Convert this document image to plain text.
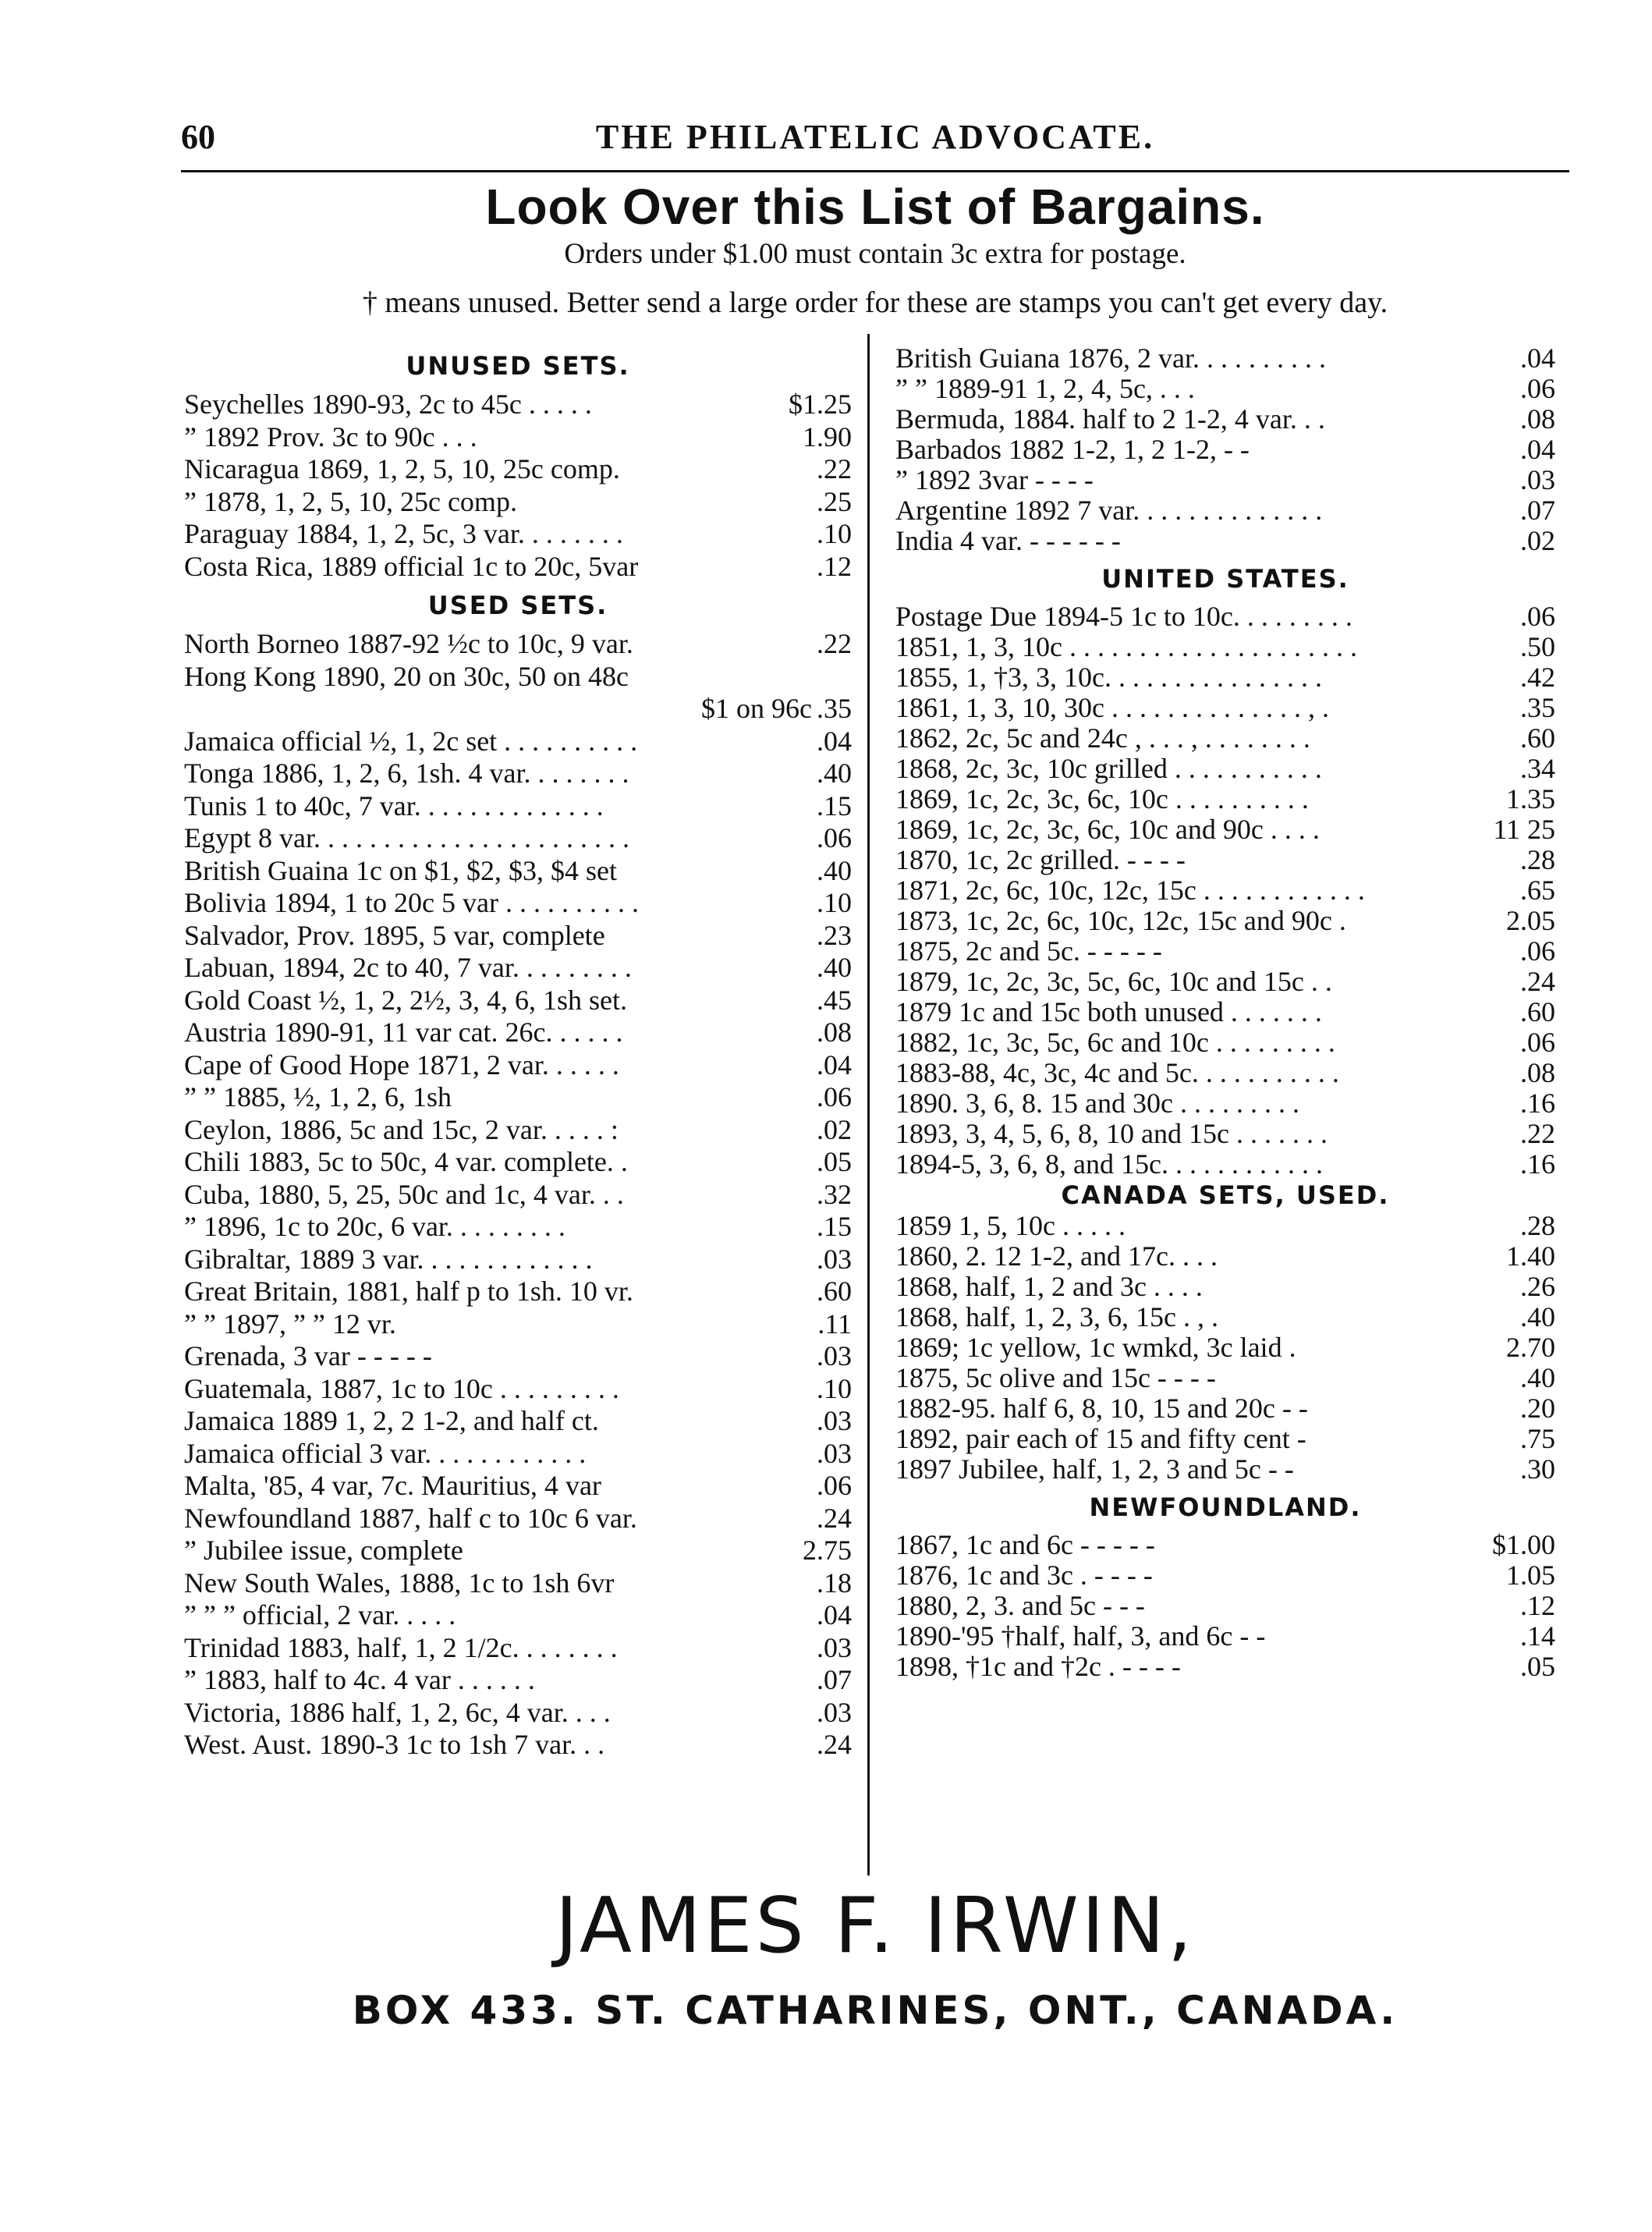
60	THE PHILATELIC ADVOCATE.
Look Over this List of Bargains.
Orders under $1.00 must contain 3c extra for postage.
† means unused. Better send a large order for these are stamps you can't get every day.
UNUSED SETS.
Seychelles 1890-93, 2c to 45c . . . . .	$1.25
” 1892 Prov. 3c to 90c . . .	1.90
Nicaragua 1869, 1, 2, 5, 10, 25c comp.	.22
” 1878, 1, 2, 5, 10, 25c comp.	.25
Paraguay 1884, 1, 2, 5c, 3 var. . . . . . . .	.10
Costa Rica, 1889 official 1c to 20c, 5var	.12
USED SETS.
North Borneo 1887-92 ½c to 10c, 9 var.	.22
Hong Kong 1890, 20 on 30c, 50 on 48c
$1 on 96c .35
Jamaica official ½, 1, 2c set . . . . . . . . . .	.04
Tonga 1886, 1, 2, 6, 1sh. 4 var. . . . . . . .	.40
Tunis 1 to 40c, 7 var. . . . . . . . . . . . . .	.15
Egypt 8 var. . . . . . . . . . . . . . . . . . . . . . .	.06
British Guaina 1c on $1, $2, $3, $4 set	.40
Bolivia 1894, 1 to 20c 5 var . . . . . . . . . .	.10
Salvador, Prov. 1895, 5 var, complete	.23
Labuan, 1894, 2c to 40, 7 var. . . . . . . . .	.40
Gold Coast ½, 1, 2, 2½, 3, 4, 6, 1sh set.	.45
Austria 1890-91, 11 var cat. 26c. . . . . .	.08
Cape of Good Hope 1871, 2 var. . . . . .	.04
” ” 1885, ½, 1, 2, 6, 1sh	.06
Ceylon, 1886, 5c and 15c, 2 var. . . . . :	.02
Chili 1883, 5c to 50c, 4 var. complete. .	.05
Cuba, 1880, 5, 25, 50c and 1c, 4 var. . .	.32
” 1896, 1c to 20c, 6 var. . . . . . . . .	.15
Gibraltar, 1889 3 var. . . . . . . . . . . . .	.03
Great Britain, 1881, half p to 1sh. 10 vr.	.60
” ” 1897, ” ” 12 vr.	.11
Grenada, 3 var - - - - -	.03
Guatemala, 1887, 1c to 10c . . . . . . . . .	.10
Jamaica 1889 1, 2, 2 1-2, and half ct.	.03
Jamaica official 3 var. . . . . . . . . . . .	.03
Malta, '85, 4 var, 7c. Mauritius, 4 var	.06
Newfoundland 1887, half c to 10c 6 var.	.24
” Jubilee issue, complete	2.75
New South Wales, 1888, 1c to 1sh 6vr	.18
” ” ” official, 2 var. . . . .	.04
Trinidad 1883, half, 1, 2 1/2c. . . . . . . .	.03
” 1883, half to 4c. 4 var . . . . . .	.07
Victoria, 1886 half, 1, 2, 6c, 4 var. . . .	.03
West. Aust. 1890-3 1c to 1sh 7 var. . .	.24
British Guiana 1876, 2 var. . . . . . . . . .	.04
” ” 1889-91 1, 2, 4, 5c, . . .	.06
Bermuda, 1884. half to 2 1-2, 4 var. . .	.08
Barbados 1882 1-2, 1, 2 1-2, - -	.04
” 1892 3var - - - -	.03
Argentine 1892 7 var. . . . . . . . . . . . . .	.07
India 4 var. - - - - - -	.02
UNITED STATES.
Postage Due 1894-5 1c to 10c. . . . . . . . .	.06
1851, 1, 3, 10c . . . . . . . . . . . . . . . . . . . . .	.50
1855, 1, †3, 3, 10c. . . . . . . . . . . . . . . .	.42
1861, 1, 3, 10, 30c . . . . . . . . . . . . . . , .	.35
1862, 2c, 5c and 24c , . . . , . . . . . . . .	.60
1868, 2c, 3c, 10c grilled . . . . . . . . . . .	.34
1869, 1c, 2c, 3c, 6c, 10c . . . . . . . . . .	1.35
1869, 1c, 2c, 3c, 6c, 10c and 90c . . . .	11 25
1870, 1c, 2c grilled. - - - -	.28
1871, 2c, 6c, 10c, 12c, 15c . . . . . . . . . . . .	.65
1873, 1c, 2c, 6c, 10c, 12c, 15c and 90c .	2.05
1875, 2c and 5c. - - - - -	.06
1879, 1c, 2c, 3c, 5c, 6c, 10c and 15c . .	.24
1879 1c and 15c both unused . . . . . . .	.60
1882, 1c, 3c, 5c, 6c and 10c . . . . . . . . .	.06
1883-88, 4c, 3c, 4c and 5c. . . . . . . . . . .	.08
1890. 3, 6, 8. 15 and 30c . . . . . . . . .	.16
1893, 3, 4, 5, 6, 8, 10 and 15c . . . . . . .	.22
1894-5, 3, 6, 8, and 15c. . . . . . . . . . . .	.16
CANADA SETS, USED.
1859 1, 5, 10c . . . . .	.28
1860, 2. 12 1-2, and 17c. . . .	1.40
1868, half, 1, 2 and 3c . . . .	.26
1868, half, 1, 2, 3, 6, 15c . , .	.40
1869; 1c yellow, 1c wmkd, 3c laid .	2.70
1875, 5c olive and 15c - - - -	.40
1882-95. half 6, 8, 10, 15 and 20c - -	.20
1892, pair each of 15 and fifty cent -	.75
1897 Jubilee, half, 1, 2, 3 and 5c - -	.30
NEWFOUNDLAND.
1867, 1c and 6c - - - - -	$1.00
1876, 1c and 3c . - - - -	1.05
1880, 2, 3. and 5c - - -	.12
1890-'95 †half, half, 3, and 6c - -	.14
1898, †1c and †2c . - - - -	.05
JAMES F. IRWIN,
BOX 433. ST. CATHARINES, ONT., CANADA.
